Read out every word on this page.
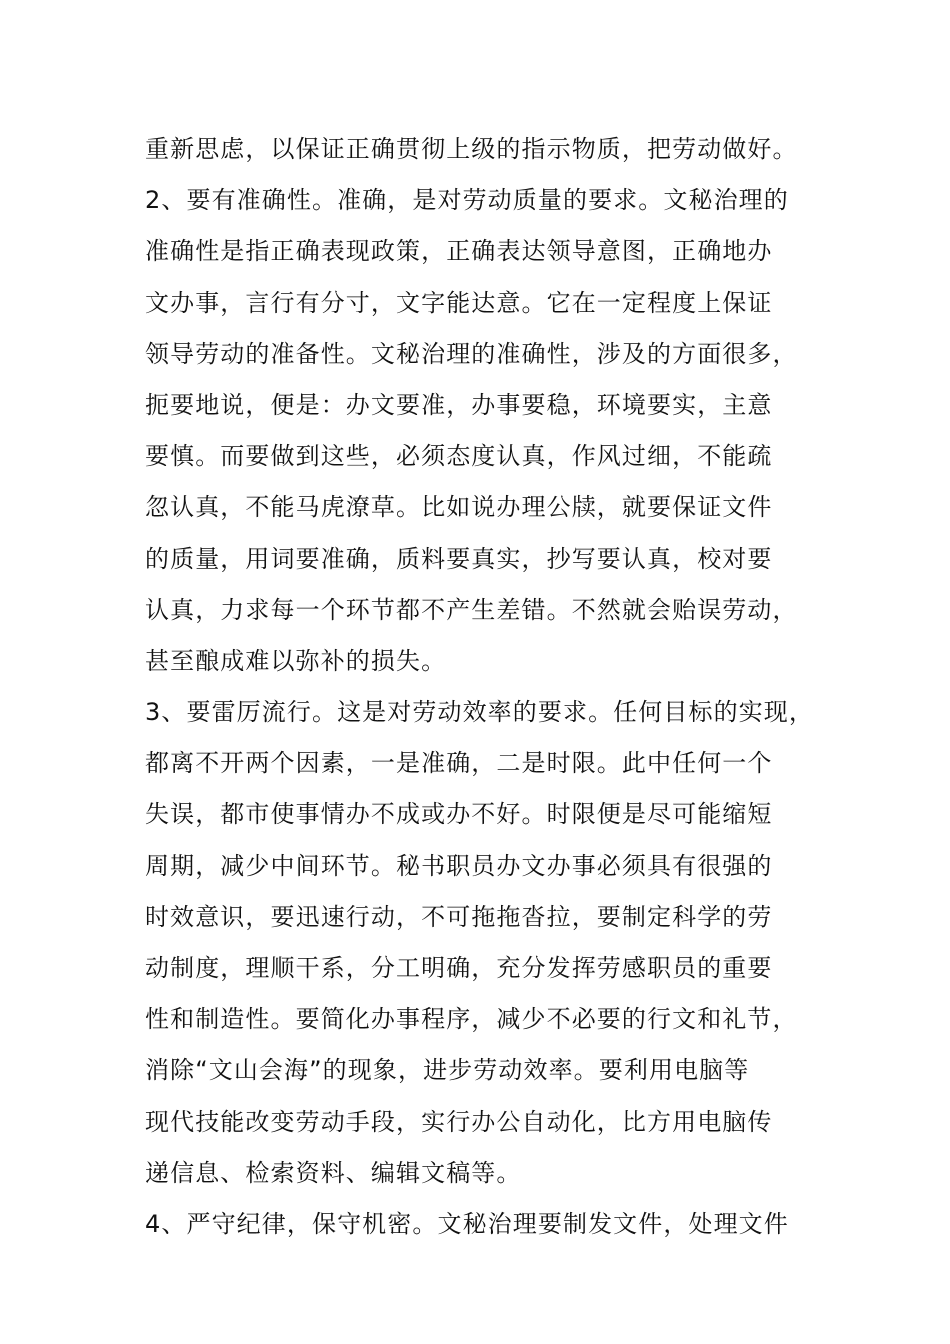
重新思虑，以保证正确贯彻上级的指示物质，把劳动做好。
2、要有准确性。准确，是对劳动质量的要求。文秘治理的
准确性是指正确表现政策，正确表达领导意图，正确地办
文办事，言行有分寸，文字能达意。它在一定程度上保证
领导劳动的准备性。文秘治理的准确性，涉及的方面很多，
扼要地说，便是：办文要准，办事要稳，环境要实，主意
要慎。而要做到这些，必须态度认真，作风过细，不能疏
忽认真，不能马虎潦草。比如说办理公牍，就要保证文件
的质量，用词要准确，质料要真实，抄写要认真，校对要
认真，力求每一个环节都不产生差错。不然就会贻误劳动，
甚至酿成难以弥补的损失。
3、要雷厉流行。这是对劳动效率的要求。任何目标的实现，
都离不开两个因素，一是准确，二是时限。此中任何一个
失误，都市使事情办不成或办不好。时限便是尽可能缩短
周期，减少中间环节。秘书职员办文办事必须具有很强的
时效意识，要迅速行动，不可拖拖沓拉，要制定科学的劳
动制度，理顺干系，分工明确，充分发挥劳感职员的重要
性和制造性。要简化办事程序，减少不必要的行文和礼节，
消除“文山会海”的现象，进步劳动效率。要利用电脑等
现代技能改变劳动手段，实行办公自动化，比方用电脑传
递信息、检索资料、编辑文稿等。
4、严守纪律，保守机密。文秘治理要制发文件，处理文件
